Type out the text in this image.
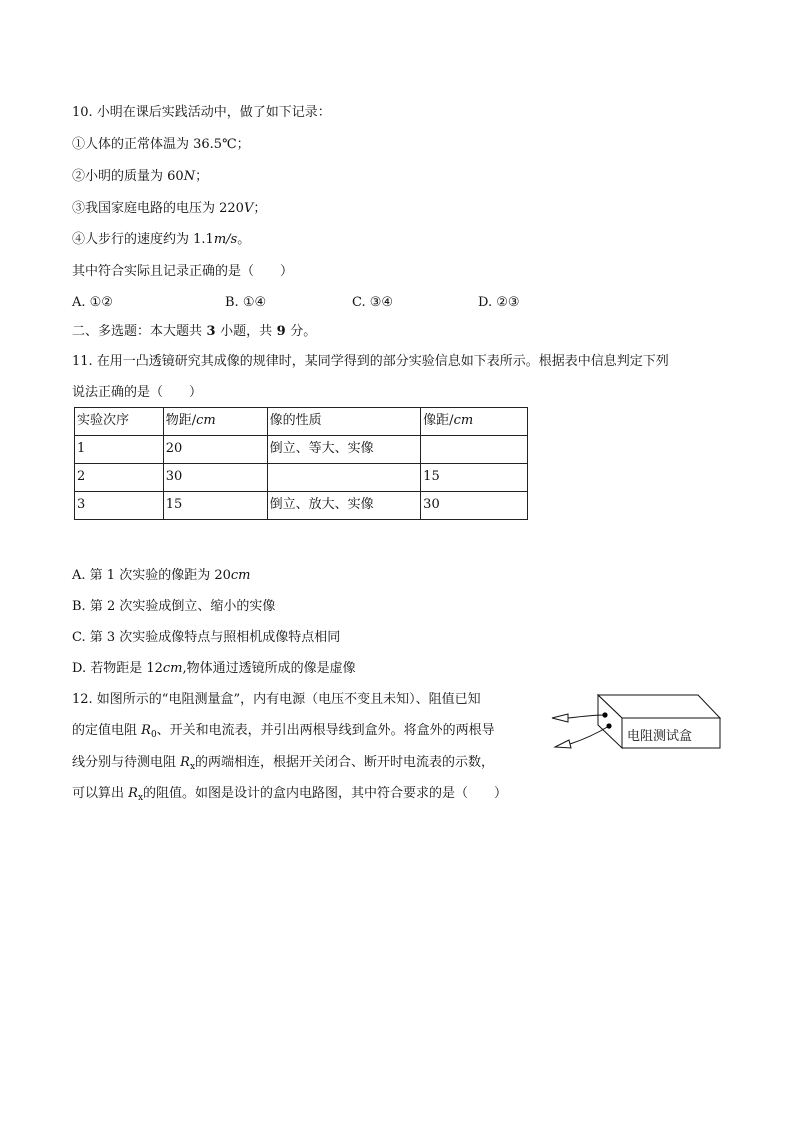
10. 小明在课后实践活动中，做了如下记录：
①人体的正常体温为 36.5℃；
②小明的质量为 60N；
③我国家庭电路的电压为 220V；
④人步行的速度约为 1.1m/s。
其中符合实际且记录正确的是（　　）
A. ①②	B. ①④	C. ③④	D. ②③
二、多选题：本大题共 3 小题，共 9 分。
11. 在用一凸透镜研究其成像的规律时，某同学得到的部分实验信息如下表所示。根据表中信息判定下列
说法正确的是（　　）
实验次序	物距/cm	像的性质	像距/cm
1	20	倒立、等大、实像	
2	30		15
3	15	倒立、放大、实像	30
A. 第 1 次实验的像距为 20cm
B. 第 2 次实验成倒立、缩小的实像
C. 第 3 次实验成像特点与照相机成像特点相同
D. 若物距是 12cm,物体通过透镜所成的像是虚像
12. 如图所示的“电阻测量盒”，内有电源（电压不变且未知）、阻值已知
的定值电阻 $R_0$、开关和电流表，并引出两根导线到盒外。将盒外的两根导
线分别与待测电阻 $R_x$的两端相连，根据开关闭合、断开时电流表的示数，
可以算出 $R_x$的阻值。如图是设计的盒内电路图，其中符合要求的是（　　）
电阻测试盒
